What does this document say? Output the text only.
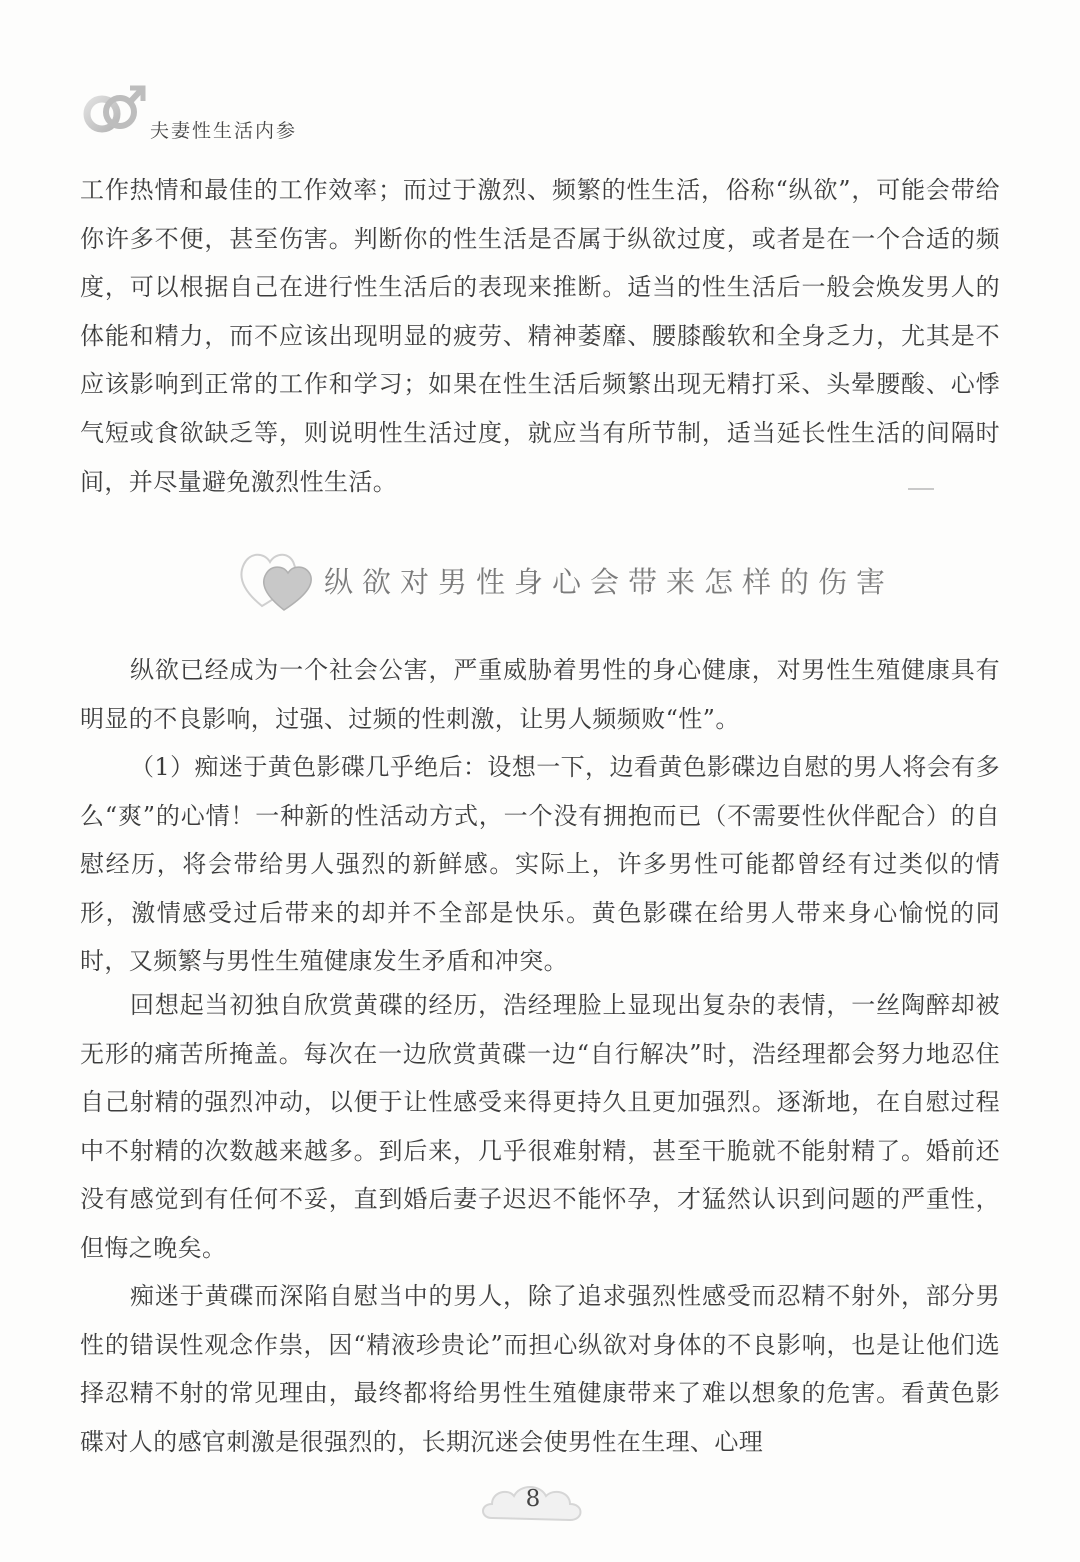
夫妻性生活内参

工作热情和最佳的工作效率；而过于激烈、频繁的性生活，俗称“纵欲”，可能会带给你许多不便，甚至伤害。判断你的性生活是否属于纵欲过度，或者是在一个合适的频度，可以根据自己在进行性生活后的表现来推断。适当的性生活后一般会焕发男人的体能和精力，而不应该出现明显的疲劳、精神萎靡、腰膝酸软和全身乏力，尤其是不应该影响到正常的工作和学习；如果在性生活后频繁出现无精打采、头晕腰酸、心悸气短或食欲缺乏等，则说明性生活过度，就应当有所节制，适当延长性生活的间隔时间，并尽量避免激烈性生活。

纵欲对男性身心会带来怎样的伤害

纵欲已经成为一个社会公害，严重威胁着男性的身心健康，对男性生殖健康具有明显的不良影响，过强、过频的性刺激，让男人频频败“性”。

（1）痴迷于黄色影碟几乎绝后：设想一下，边看黄色影碟边自慰的男人将会有多么“爽”的心情！一种新的性活动方式，一个没有拥抱而已（不需要性伙伴配合）的自慰经历，将会带给男人强烈的新鲜感。实际上，许多男性可能都曾经有过类似的情形，激情感受过后带来的却并不全部是快乐。黄色影碟在给男人带来身心愉悦的同时，又频繁与男性生殖健康发生矛盾和冲突。

回想起当初独自欣赏黄碟的经历，浩经理脸上显现出复杂的表情，一丝陶醉却被无形的痛苦所掩盖。每次在一边欣赏黄碟一边“自行解决”时，浩经理都会努力地忍住自己射精的强烈冲动，以便于让性感受来得更持久且更加强烈。逐渐地，在自慰过程中不射精的次数越来越多。到后来，几乎很难射精，甚至干脆就不能射精了。婚前还没有感觉到有任何不妥，直到婚后妻子迟迟不能怀孕，才猛然认识到问题的严重性，但悔之晚矣。

痴迷于黄碟而深陷自慰当中的男人，除了追求强烈性感受而忍精不射外，部分男性的错误性观念作祟，因“精液珍贵论”而担心纵欲对身体的不良影响，也是让他们选择忍精不射的常见理由，最终都将给男性生殖健康带来了难以想象的危害。看黄色影碟对人的感官刺激是很强烈的，长期沉迷会使男性在生理、心理

8
